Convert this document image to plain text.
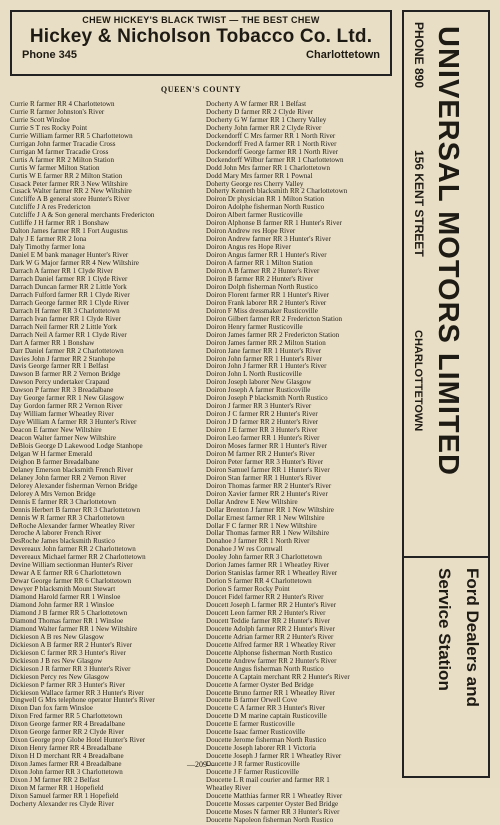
CHEW HICKEY'S BLACK TWIST — THE BEST CHEW
Hickey & Nicholson Tobacco Co. Ltd.
Phone 345	Charlottetown
QUEEN'S COUNTY
Currie R farmer RR 4 Charlottetown
Currie R farmer Johnston's River
Currie Scott Winsloe
Currie S T res Rocky Point
Currie William farmer RR 5 Charlottetown
Currigan John farmer Tracadie Cross
Currigan M farmer Tracadie Cross
Curtis A farmer RR 2 Milton Station
Curtis W farmer Milton Station
Curtis W E farmer RR 2 Milton Station
Cusack Peter farmer RR 3 New Wiltshire
Cusack Walter farmer RR 2 New Wiltshire
Cutcliffe A B general store Hunter's River
Cutcliffe J A res Fredericton
Cutcliffe J A & Son general merchants Fredericton
Cutliffe J H farmer RR 1 Bonshaw
Dalton James farmer RR 1 Fort Augustus
Daly J E farmer RR 2 Iona
Daly Timothy farmer Iona
Daniel E M bank manager Hunter's River
Dark W G Major farmer RR 4 New Wiltshire
Darrach A farmer RR 1 Clyde River
Darrach Daniel farmer RR 1 Clyde River
Darrach Duncan farmer RR 2 Little York
Darrach Fulford farmer RR 1 Clyde River
Darrach George farmer RR 1 Clyde River
Darrach H farmer RR 3 Charlottetown
Darrach Ivan farmer RR 1 Clyde River
Darrach Neil farmer RR 2 Little York
Darrach Neil A farmer RR 1 Clyde River
Dart A farmer RR 1 Bonshaw
Darr Daniel farmer RR 2 Charlottetown
Davies John J farmer RR 2 Stanhope
Davis George farmer RR 1 Belfast
Dawson B farmer RR 2 Vernon Bridge
Dawson Percy undertaker Crapaud
Dawson P farmer RR 3 Breadalbane
Day George farmer RR 1 New Glasgow
Day Gordon farmer RR 2 Vernon River
Day William farmer Wheatley River
Daye William A farmer RR 3 Hunter's River
Deacon E farmer New Wiltshire
Deacon Walter farmer New Wiltshire
DeBlois George D Lakewood Lodge Stanhope
Delgan W H farmer Emerald
Deighon B farmer Breadalbane
Delaney Emerson blacksmith French River
Delaney John farmer RR 2 Vernon River
Delorey Alexander fisherman Vernon Bridge
Delorey A Mrs Vernon Bridge
Dennis E farmer RR 3 Charlottetown
Dennis Herbert B farmer RR 3 Charlottetown
Dennis W R farmer RR 3 Charlottetown
DeRoche Alexander farmer Wheatley River
Deroche A laborer French River
DesRoche James blacksmith Rustico
Devereaux John farmer RR 2 Charlottetown
Devereaux Michael farmer RR 2 Charlottetown
Devine William sectionman Hunter's River
Dewar A E farmer RR 6 Charlottetown
Dewar George farmer RR 6 Charlottetown
Dewyer P blacksmith Mount Stewart
Diamond Harold farmer RR 1 Winsloe
Diamond John farmer RR 1 Winsloe
Diamond J B farmer RR 5 Charlottetown
Diamond Thomas farmer RR 1 Winsloe
Diamond Walter farmer RR 1 New Wiltshire
Dickieson A B res New Glasgow
Dickieson A B farmer RR 2 Hunter's River
Dickieson C farmer RR 3 Hunter's River
Dickieson J B res New Glasgow
Dickieson J R farmer RR 3 Hunter's River
Dickieson Percy res New Glasgow
Dickieson P farmer RR 3 Hunter's River
Dickieson Wallace farmer RR 3 Hunter's River
Dingwell G Mrs telephone operator Hunter's River
Dixon Dan fox farm Winsloe
Dixon Fred farmer RR 5 Charlottetown
Dixon George farmer RR 4 Breadalbane
Dixon George farmer RR 2 Clyde River
Dixon George prop Globe Hotel Hunter's River
Dixon Henry farmer RR 4 Breadalbane
Dixon H D merchant RR 4 Breadalbane
Dixon James farmer RR 4 Breadalbane
Dixon John farmer RR 3 Charlottetown
Dixon J M farmer RR 2 Belfast
Dixon M farmer RR 1 Hopefield
Dixon Samuel farmer RR 1 Hopefield
Docherty Alexander res Clyde River
Docherty A W farmer RR 1 Belfast
Docherty D farmer RR 2 Clyde River
Docherty G W farmer RR 1 Cherry Valley
Docherty John farmer RR 2 Clyde River
Dockendorff C Mrs farmer RR 1 North River
Dockendorff Fred A farmer RR 1 North River
Dockendorff George farmer RR 1 North River
Dockendorff Wilbur farmer RR 1 Charlottetown
Dodd John Mrs farmer RR 1 Charlottetown
Dodd Mary Mrs farmer RR 1 Pownal
Doherty George res Cherry Valley
Doherty Kenneth blacksmith RR 2 Charlottetown
Doiron Dr physician RR 1 Milton Station
Doiron Adolphe fisherman North Rustico
Doiron Albert farmer Rusticoville
Doiron Alphonse B farmer RR 1 Hunter's River
Doiron Andrew res Hope River
Doiron Andrew farmer RR 3 Hunter's River
Doiron Angus res Hope River
Doiron Angus farmer RR 1 Hunter's River
Doiron A farmer RR 1 Milton Station
Doiron A B farmer RR 2 Hunter's River
Doiron B farmer RR 2 Hunter's River
Doiron Dolph fisherman North Rustico
Doiron Florent farmer RR 1 Hunter's River
Doiron Frank laborer RR 2 Hunter's River
Doiron F Miss dressmaker Rusticoville
Doiron Gilbert farmer RR 2 Fredericton Station
Doiron Henry farmer Rusticoville
Doiron James farmer RR 2 Fredericton Station
Doiron James farmer RR 2 Milton Station
Doiron Jane farmer RR 1 Hunter's River
Doiron John farmer RR 1 Hunter's River
Doiron John J farmer RR 1 Hunter's River
Doiron John L North Rusticoville
Doiron Joseph laborer New Glasgow
Doiron Joseph A farmer Rusticoville
Doiron Joseph P blacksmith North Rustico
Doiron J farmer RR 3 Hunter's River
Doiron J C farmer RR 2 Hunter's River
Doiron J D farmer RR 2 Hunter's River
Doiron J E farmer RR 3 Hunter's River
Doiron Leo farmer RR 1 Hunter's River
Doiron Moses farmer RR 1 Hunter's River
Doiron M farmer RR 2 Hunter's River
Doiron Peter farmer RR 3 Hunter's River
Doiron Samuel farmer RR 1 Hunter's River
Doiron Stan farmer RR 1 Hunter's River
Doiron Thomas farmer RR 2 Hunter's River
Doiron Xavier farmer RR 2 Hunter's River
Dollar Andrew E New Wiltshire
Dollar Brenton J farmer RR 1 New Wiltshire
Dollar Ernest farmer RR 1 New Wiltshire
Dollar F C farmer RR 1 New Wiltshire
Dollar Thomas farmer RR 1 New Wiltshire
Donahoe J farmer RR 1 North River
Donahoe J W res Cornwall
Dooley John farmer RR 3 Charlottetown
Dorion James farmer RR 1 Wheatley River
Dorion Stanislas farmer RR 1 Wheatley River
Dorion S farmer RR 4 Charlottetown
Dorion S farmer Rocky Point
Doucet Fidel farmer RR 2 Hunter's River
Doucett Joseph L farmer RR 2 Hunter's River
Doucett Leon farmer RR 2 Hunter's River
Doucett Teddie farmer RR 2 Hunter's River
Doucette Adolph farmer RR 2 Hunter's River
Doucette Adrian farmer RR 2 Hunter's River
Doucette Alfred farmer RR 1 Wheatley River
Doucette Alphonse fisherman North Rustico
Doucette Andrew farmer RR 2 Hunter's River
Doucette Angus fisherman North Rustico
Doucette A Captain merchant RR 2 Hunter's River
Doucette A farmer Oyster Bed Bridge
Doucette Bruno farmer RR 1 Wheatley River
Doucette B farmer Orwell Cove
Doucette C A farmer RR 3 Hunter's River
Doucette D M marine captain Rusticoville
Doucette E farmer Rusticoville
Doucette Isaac farmer Rusticoville
Doucette Jerome fisherman North Rustico
Doucette Joseph laborer RR 1 Victoria
Doucette Joseph J farmer RR 1 Wheatley River
Doucette J R farmer Rusticoville
Doucette J F farmer Rusticoville
Doucette L R mail courier and farmer RR 1
Wheatley River
Doucette Matthias farmer RR 1 Wheatley River
Doucette Mosses carpenter Oyster Bed Bridge
Doucette Moses N farmer RR 3 Hunter's River
Doucette Napoleon fisherman North Rustico
—209—
PHONE 890 UNIVERSAL MOTORS LIMITED
156 KENT STREET
CHARLOTTETOWN
Ford Dealers and
Service Station
